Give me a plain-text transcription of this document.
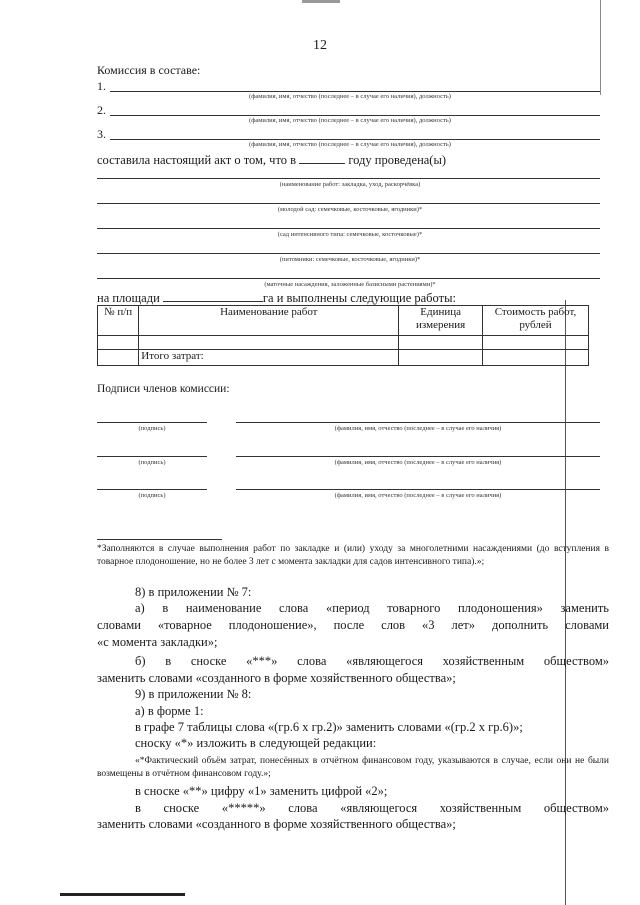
12
Комиссия в составе:
1.
(фамилия, имя, отчество (последнее – в случае его наличия), должность)
2.
(фамилия, имя, отчество (последнее – в случае его наличия), должность)
3.
(фамилия, имя, отчество (последнее – в случае его наличия), должность)
составила настоящий акт о том, что в	году проведена(ы)
(наименование работ: закладка, уход, раскорчёвка)
(молодой сад: семечковые, косточковые, ягодники)*
(сад интенсивного типа: семечковые, косточковые)*
(питомники: семечковые, косточковые, ягодники)*
(маточные насаждения, заложенные базисными растениями)*
на площади	га и выполнены следующие работы:
№ п/п	Наименование работ	Единица измерения	Стоимость работ, рублей

	Итого затрат:		
Подписи членов комиссии:
(подпись)	(фамилия, имя, отчество (последнее – в случае его наличия)
(подпись)	(фамилия, имя, отчество (последнее – в случае его наличия)
(подпись)	(фамилия, имя, отчество (последнее – в случае его наличия)
*Заполняются в случае выполнения работ по закладке и (или) уходу за многолетними насаждениями (до вступления в товарное плодоношение, но не более 3 лет с момента закладки для садов интенсивного типа).»;
8) в приложении № 7:
а) в наименование слова «период товарного плодоношения» заменить
словами «товарное плодоношение», после слов «3 лет» дополнить словами
«с момента закладки»;
б) в сноске «***» слова «являющегося хозяйственным обществом»
заменить словами «созданного в форме хозяйственного общества»;
9) в приложении № 8:
а) в форме 1:
в графе 7 таблицы слова «(гр.6 х гр.2)» заменить словами «(гр.2 х гр.6)»;
сноску «*» изложить в следующей редакции:
«*Фактический объём затрат, понесённых в отчётном финансовом году, указываются в случае, если они не были возмещены в отчётном финансовом году.»;
в сноске «**» цифру «1» заменить цифрой «2»;
в сноске «*****» слова «являющегося хозяйственным обществом»
заменить словами «созданного в форме хозяйственного общества»;
